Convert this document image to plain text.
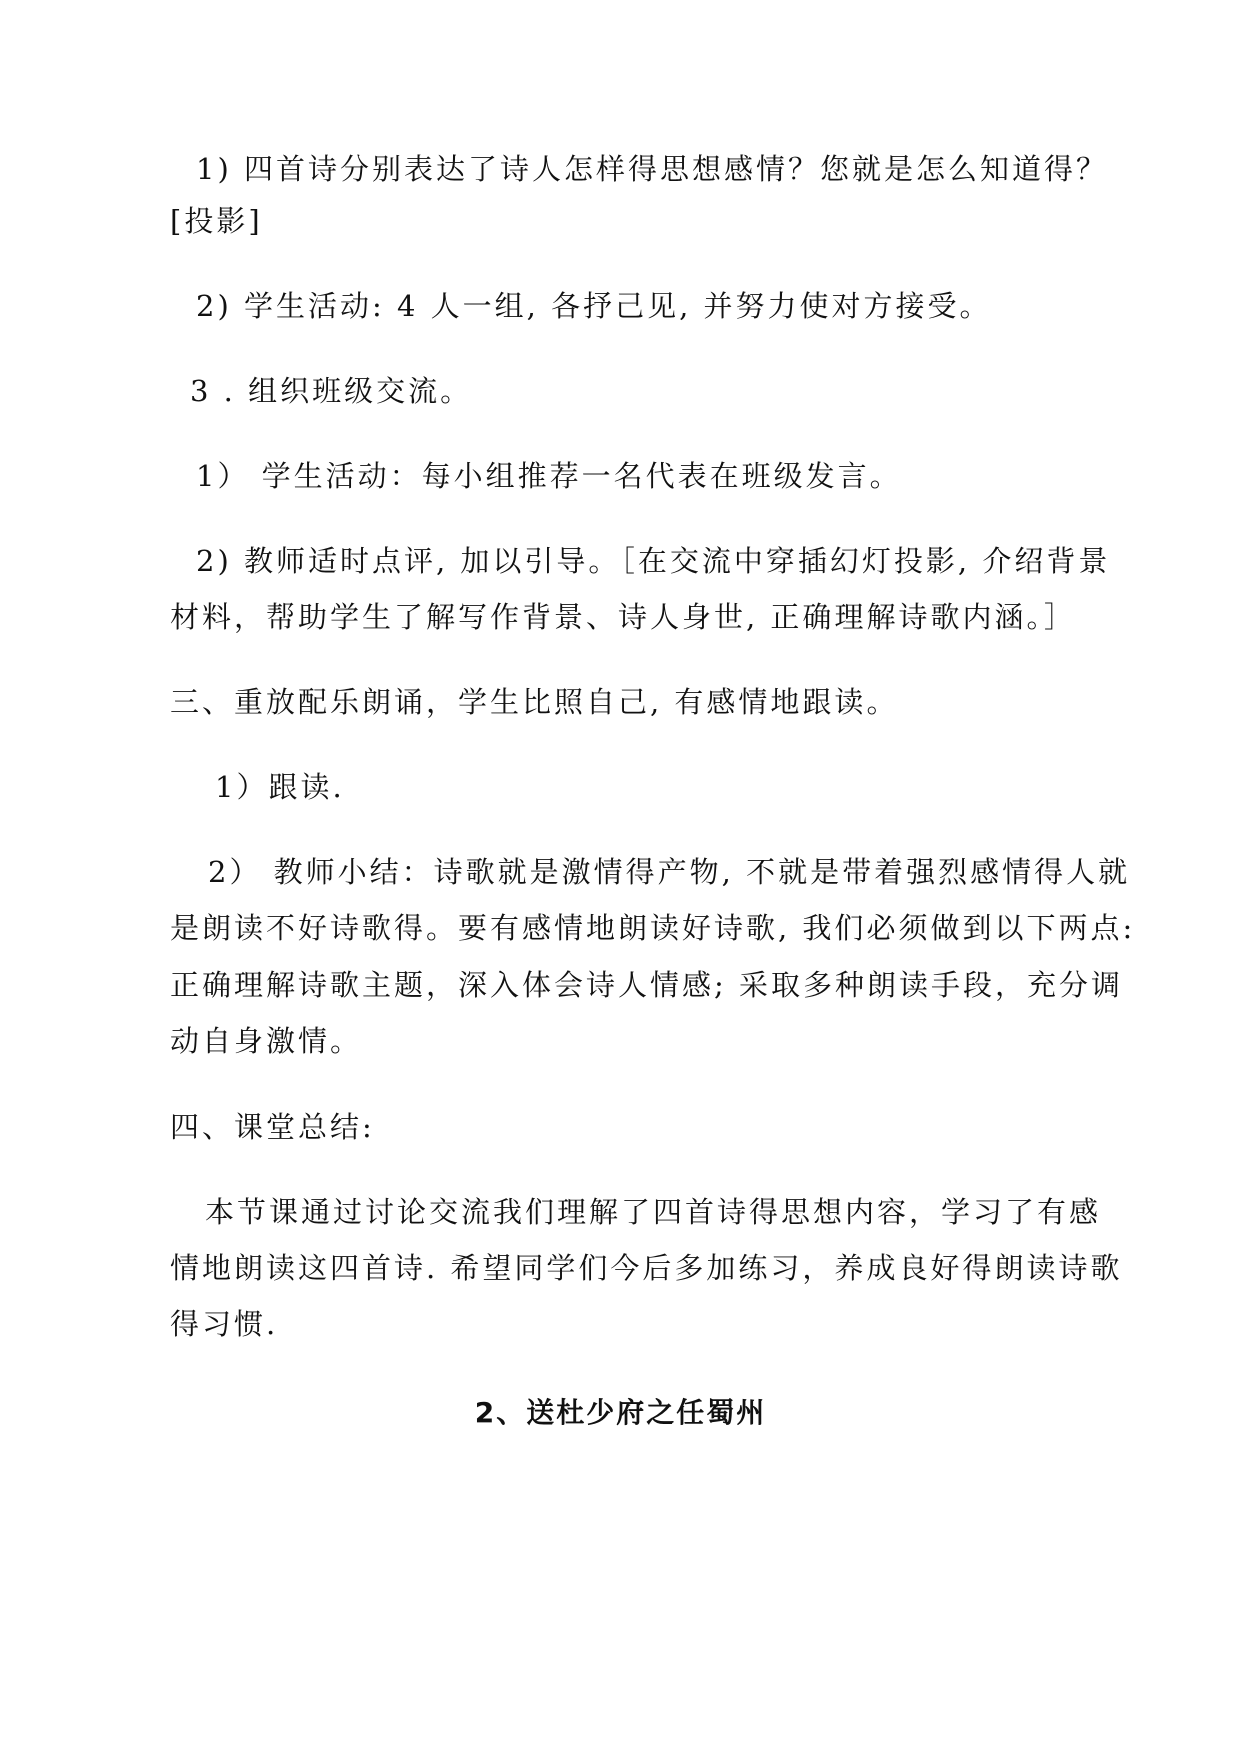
1) 四首诗分别表达了诗人怎样得思想感情？您就是怎么知道得？
[投影]
2) 学生活动: 4 人一组, 各抒己见, 并努力使对方接受。
3 . 组织班级交流。
1） 学生活动：每小组推荐一名代表在班级发言。
2) 教师适时点评, 加以引导。［在交流中穿插幻灯投影, 介绍背景
材料，帮助学生了解写作背景、诗人身世, 正确理解诗歌内涵。］
三、重放配乐朗诵，学生比照自己, 有感情地跟读。
1）跟读.
2） 教师小结：诗歌就是激情得产物, 不就是带着强烈感情得人就
是朗读不好诗歌得。要有感情地朗读好诗歌, 我们必须做到以下两点:
正确理解诗歌主题，深入体会诗人情感; 采取多种朗读手段，充分调
动自身激情。
四、课堂总结:
本节课通过讨论交流我们理解了四首诗得思想内容，学习了有感
情地朗读这四首诗. 希望同学们今后多加练习，养成良好得朗读诗歌
得习惯.
2、送杜少府之任蜀州
